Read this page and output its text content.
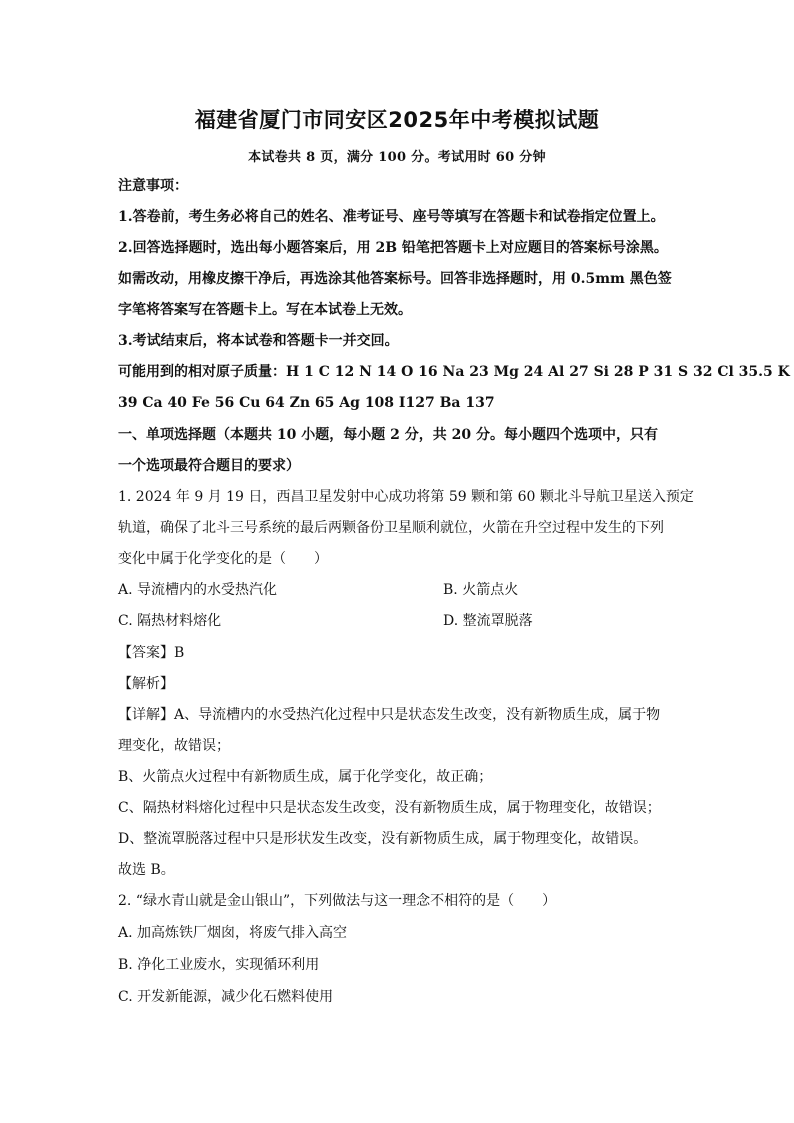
福建省厦门市同安区2025年中考模拟试题
本试卷共 8 页，满分 100 分。考试用时 60 分钟
注意事项：
1.答卷前，考生务必将自己的姓名、准考证号、座号等填写在答题卡和试卷指定位置上。
2.回答选择题时，选出每小题答案后，用 2B 铅笔把答题卡上对应题目的答案标号涂黑。
如需改动，用橡皮擦干净后，再选涂其他答案标号。回答非选择题时，用 0.5mm 黑色签
字笔将答案写在答题卡上。写在本试卷上无效。
3.考试结束后，将本试卷和答题卡一并交回。
可能用到的相对原子质量：H 1 C 12 N 14 O 16 Na 23 Mg 24 Al 27 Si 28 P 31 S 32 Cl 35.5 K
39 Ca 40 Fe 56 Cu 64 Zn 65 Ag 108 I127 Ba 137
一、单项选择题（本题共 10 小题，每小题 2 分，共 20 分。每小题四个选项中，只有
一个选项最符合题目的要求）
1. 2024 年 9 月 19 日，西昌卫星发射中心成功将第 59 颗和第 60 颗北斗导航卫星送入预定
轨道，确保了北斗三号系统的最后两颗备份卫星顺利就位，火箭在升空过程中发生的下列
变化中属于化学变化的是（　　）
A. 导流槽内的水受热汽化	B. 火箭点火
C. 隔热材料熔化	D. 整流罩脱落
【答案】B
【解析】
【详解】A、导流槽内的水受热汽化过程中只是状态发生改变，没有新物质生成，属于物
理变化，故错误；
B、火箭点火过程中有新物质生成，属于化学变化，故正确；
C、隔热材料熔化过程中只是状态发生改变，没有新物质生成，属于物理变化，故错误；
D、整流罩脱落过程中只是形状发生改变，没有新物质生成，属于物理变化，故错误。
故选 B。
2. “绿水青山就是金山银山”，下列做法与这一理念不相符的是（　　）
A. 加高炼铁厂烟囱，将废气排入高空
B. 净化工业废水，实现循环利用
C. 开发新能源，减少化石燃料使用
